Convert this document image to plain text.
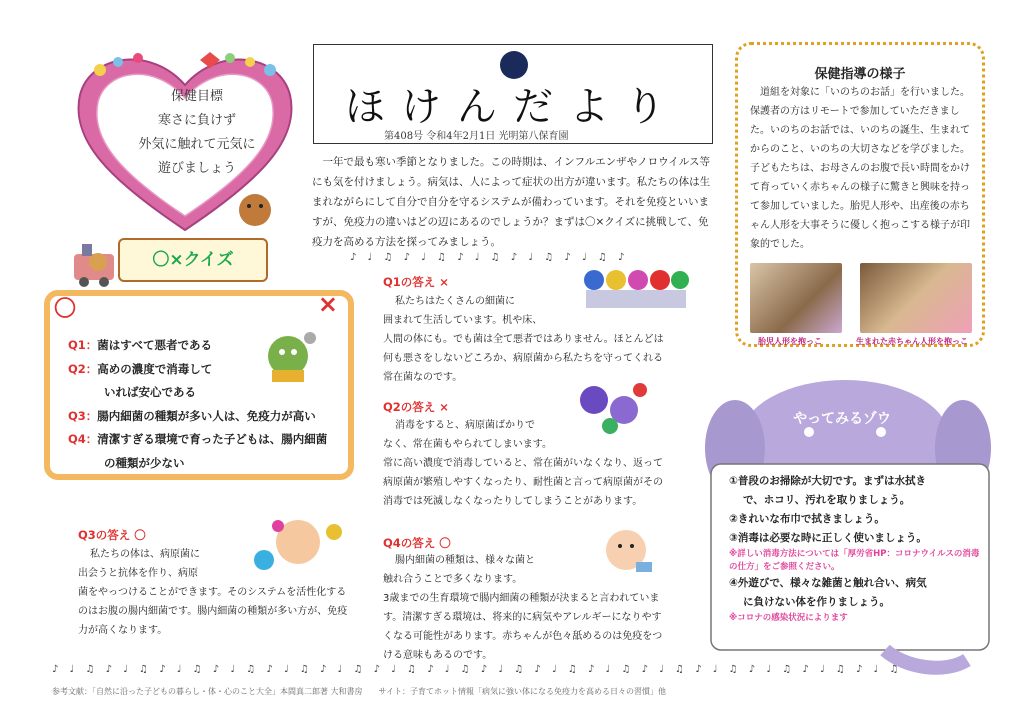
保健目標
寒さに負けず
外気に触れて元気に
遊びましょう
ほけんだより
第408号 令和4年2月1日 光明第八保育園
一年で最も寒い季節となりました。この時期は、インフルエンザやノロウイルス等にも気を付けましょう。病気は、人によって症状の出方が違います。私たちの体は生まれながらにして自分で自分を守るシステムが備わっています。それを免疫といいますが、免疫力の違いはどの辺にあるのでしょうか？まずは〇×クイズに挑戦して、免疫力を高める方法を探ってみましょう。
保健指導の様子
道組を対象に「いのちのお話」を行いました。保護者の方はリモートで参加していただきました。いのちのお話では、いのちの誕生、生まれてからのこと、いのちの大切さなどを学びました。子どもたちは、お母さんのお腹で長い時間をかけて育っていく赤ちゃんの様子に驚きと興味を持って参加していました。胎児人形や、出産後の赤ちゃん人形を大事そうに優しく抱っこする様子が印象的でした。
胎児人形を抱っこ	生まれた赤ちゃん人形を抱っこ
〇×クイズ
〇	×
Q1：菌はすべて悪者である
Q2：高めの濃度で消毒して
いれば安心である
Q3：腸内細菌の種類が多い人は、免疫力が高い
Q4：清潔すぎる環境で育った子どもは、腸内細菌
の種類が少ない
♪ ♩ ♫ ♪ ♩ ♫ ♪ ♩ ♫ ♪ ♩ ♫ ♪ ♩ ♫ ♪
♪ ♩ ♫ ♪ ♩ ♫ ♪ ♩ ♫ ♪ ♩ ♫ ♪ ♩ ♫ ♪ ♩ ♫ ♪ ♩ ♫ ♪ ♩ ♫ ♪ ♩ ♫ ♪ ♩ ♫ ♪ ♩ ♫ ♪ ♩ ♫ ♪ ♩ ♫ ♪ ♩ ♫ ♪ ♩ ♫ ♪ ♩ ♫
Q1の答え ×
私たちはたくさんの細菌に
囲まれて生活しています。机や床、
人間の体にも。でも菌は全て悪者ではありません。ほとんどは何も悪さをしないどころか、病原菌から私たちを守ってくれる常在菌なのです。
Q2の答え ×
消毒をすると、病原菌ばかりで
なく、常在菌もやられてしまいます。
常に高い濃度で消毒していると、常在菌がいなくなり、返って病原菌が繁殖しやすくなったり、耐性菌と言って病原菌がその消毒では死滅しなくなったりしてしまうことがあります。
Q3の答え 〇
私たちの体は、病原菌に
出会うと抗体を作り、病原
菌をやっつけることができます。そのシステムを活性化するのはお腹の腸内細菌です。腸内細菌の種類が多い方が、免疫力が高くなります。
Q4の答え 〇
腸内細菌の種類は、様々な菌と
触れ合うことで多くなります。
3歳までの生育環境で腸内細菌の種類が決まると言われています。清潔すぎる環境は、将来的に病気やアレルギーになりやすくなる可能性があります。赤ちゃんが色々舐めるのは免疫をつける意味もあるのです。
やってみるゾウ
①普段のお掃除が大切です。まずは水拭き
で、ホコリ、汚れを取りましょう。
②きれいな布巾で拭きましょう。
③消毒は必要な時に正しく使いましょう。
※詳しい消毒方法については「厚労省HP：コロナウイルスの消毒の仕方」をご参照ください。
④外遊びで、様々な雑菌と触れ合い、病気
に負けない体を作りましょう。
※コロナの感染状況によります
参考文献：「自然に沿った子どもの暮らし・体・心のこと大全」本間真二郎著 大和書房　　サイト：子育てホット情報「病気に強い体になる免疫力を高める日々の習慣」他
